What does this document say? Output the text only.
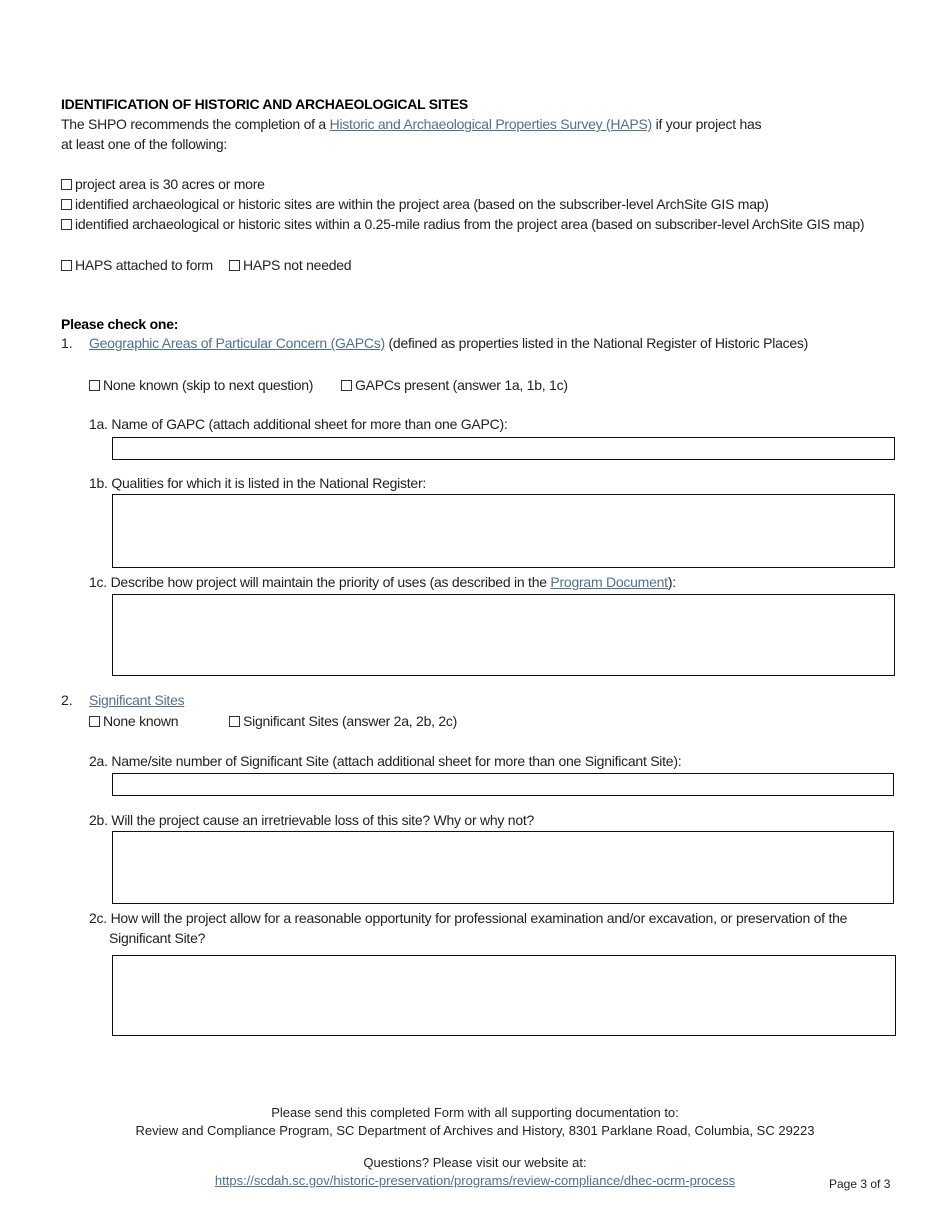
IDENTIFICATION OF HISTORIC AND ARCHAEOLOGICAL SITES
The SHPO recommends the completion of a Historic and Archaeological Properties Survey (HAPS) if your project has
at least one of the following:
project area is 30 acres or more
identified archaeological or historic sites are within the project area (based on the subscriber-level ArchSite GIS map)
identified archaeological or historic sites within a 0.25-mile radius from the project area (based on subscriber-level ArchSite GIS map)
HAPS attached to form	HAPS not needed
Please check one:
1. Geographic Areas of Particular Concern (GAPCs) (defined as properties listed in the National Register of Historic Places)
None known (skip to next question)	GAPCs present (answer 1a, 1b, 1c)
1a. Name of GAPC (attach additional sheet for more than one GAPC):
1b. Qualities for which it is listed in the National Register:
1c. Describe how project will maintain the priority of uses (as described in the Program Document):
2. Significant Sites
None known	Significant Sites (answer 2a, 2b, 2c)
2a. Name/site number of Significant Site (attach additional sheet for more than one Significant Site):
2b. Will the project cause an irretrievable loss of this site? Why or why not?
2c. How will the project allow for a reasonable opportunity for professional examination and/or excavation, or preservation of the
Significant Site?
Please send this completed Form with all supporting documentation to:
Review and Compliance Program, SC Department of Archives and History, 8301 Parklane Road, Columbia, SC 29223
Questions? Please visit our website at:
https://scdah.sc.gov/historic-preservation/programs/review-compliance/dhec-ocrm-process	Page 3 of 3
